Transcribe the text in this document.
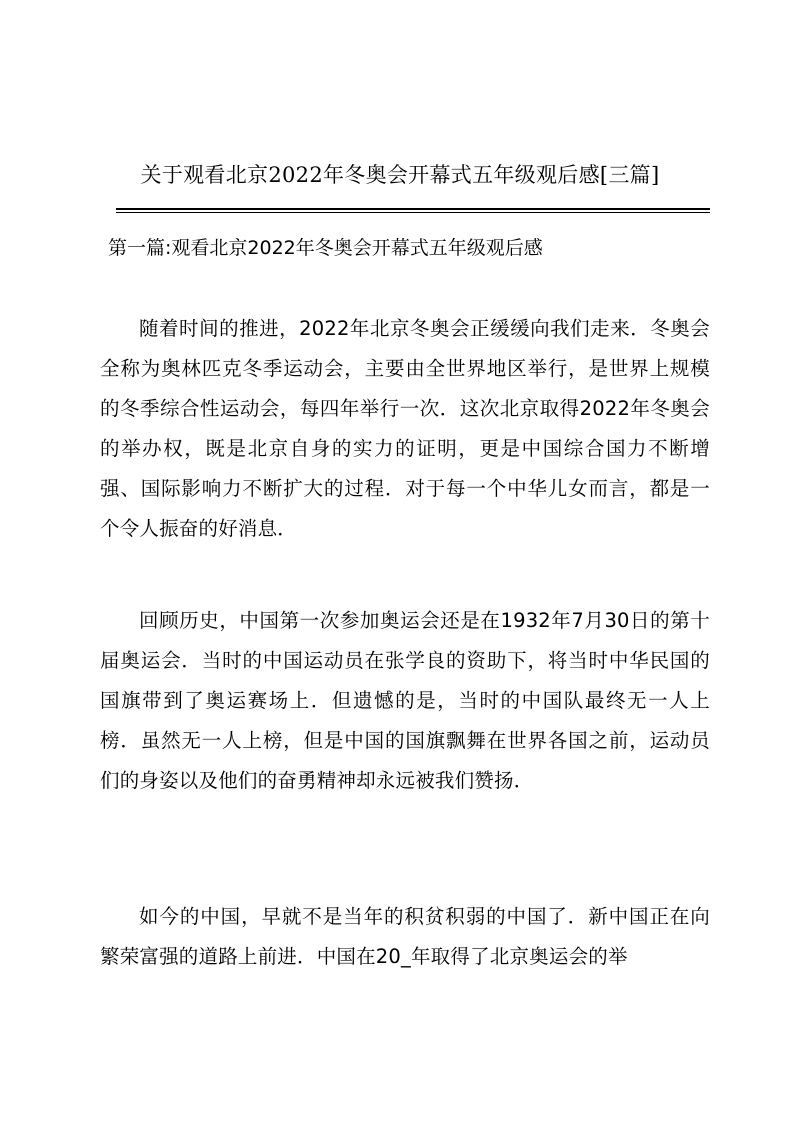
关于观看北京2022年冬奥会开幕式五年级观后感[三篇]
第一篇:观看北京2022年冬奥会开幕式五年级观后感

随着时间的推进，2022年北京冬奥会正缓缓向我们走来．冬奥会全称为奥林匹克冬季运动会，主要由全世界地区举行，是世界上规模的冬季综合性运动会，每四年举行一次．这次北京取得2022年冬奥会的举办权，既是北京自身的实力的证明，更是中国综合国力不断增强、国际影响力不断扩大的过程．对于每一个中华儿女而言，都是一个令人振奋的好消息．

回顾历史，中国第一次参加奥运会还是在1932年7月30日的第十届奥运会．当时的中国运动员在张学良的资助下，将当时中华民国的国旗带到了奥运赛场上．但遗憾的是，当时的中国队最终无一人上榜．虽然无一人上榜，但是中国的国旗飘舞在世界各国之前，运动员们的身姿以及他们的奋勇精神却永远被我们赞扬．

如今的中国，早就不是当年的积贫积弱的中国了．新中国正在向繁荣富强的道路上前进．中国在20_年取得了北京奥运会的举
